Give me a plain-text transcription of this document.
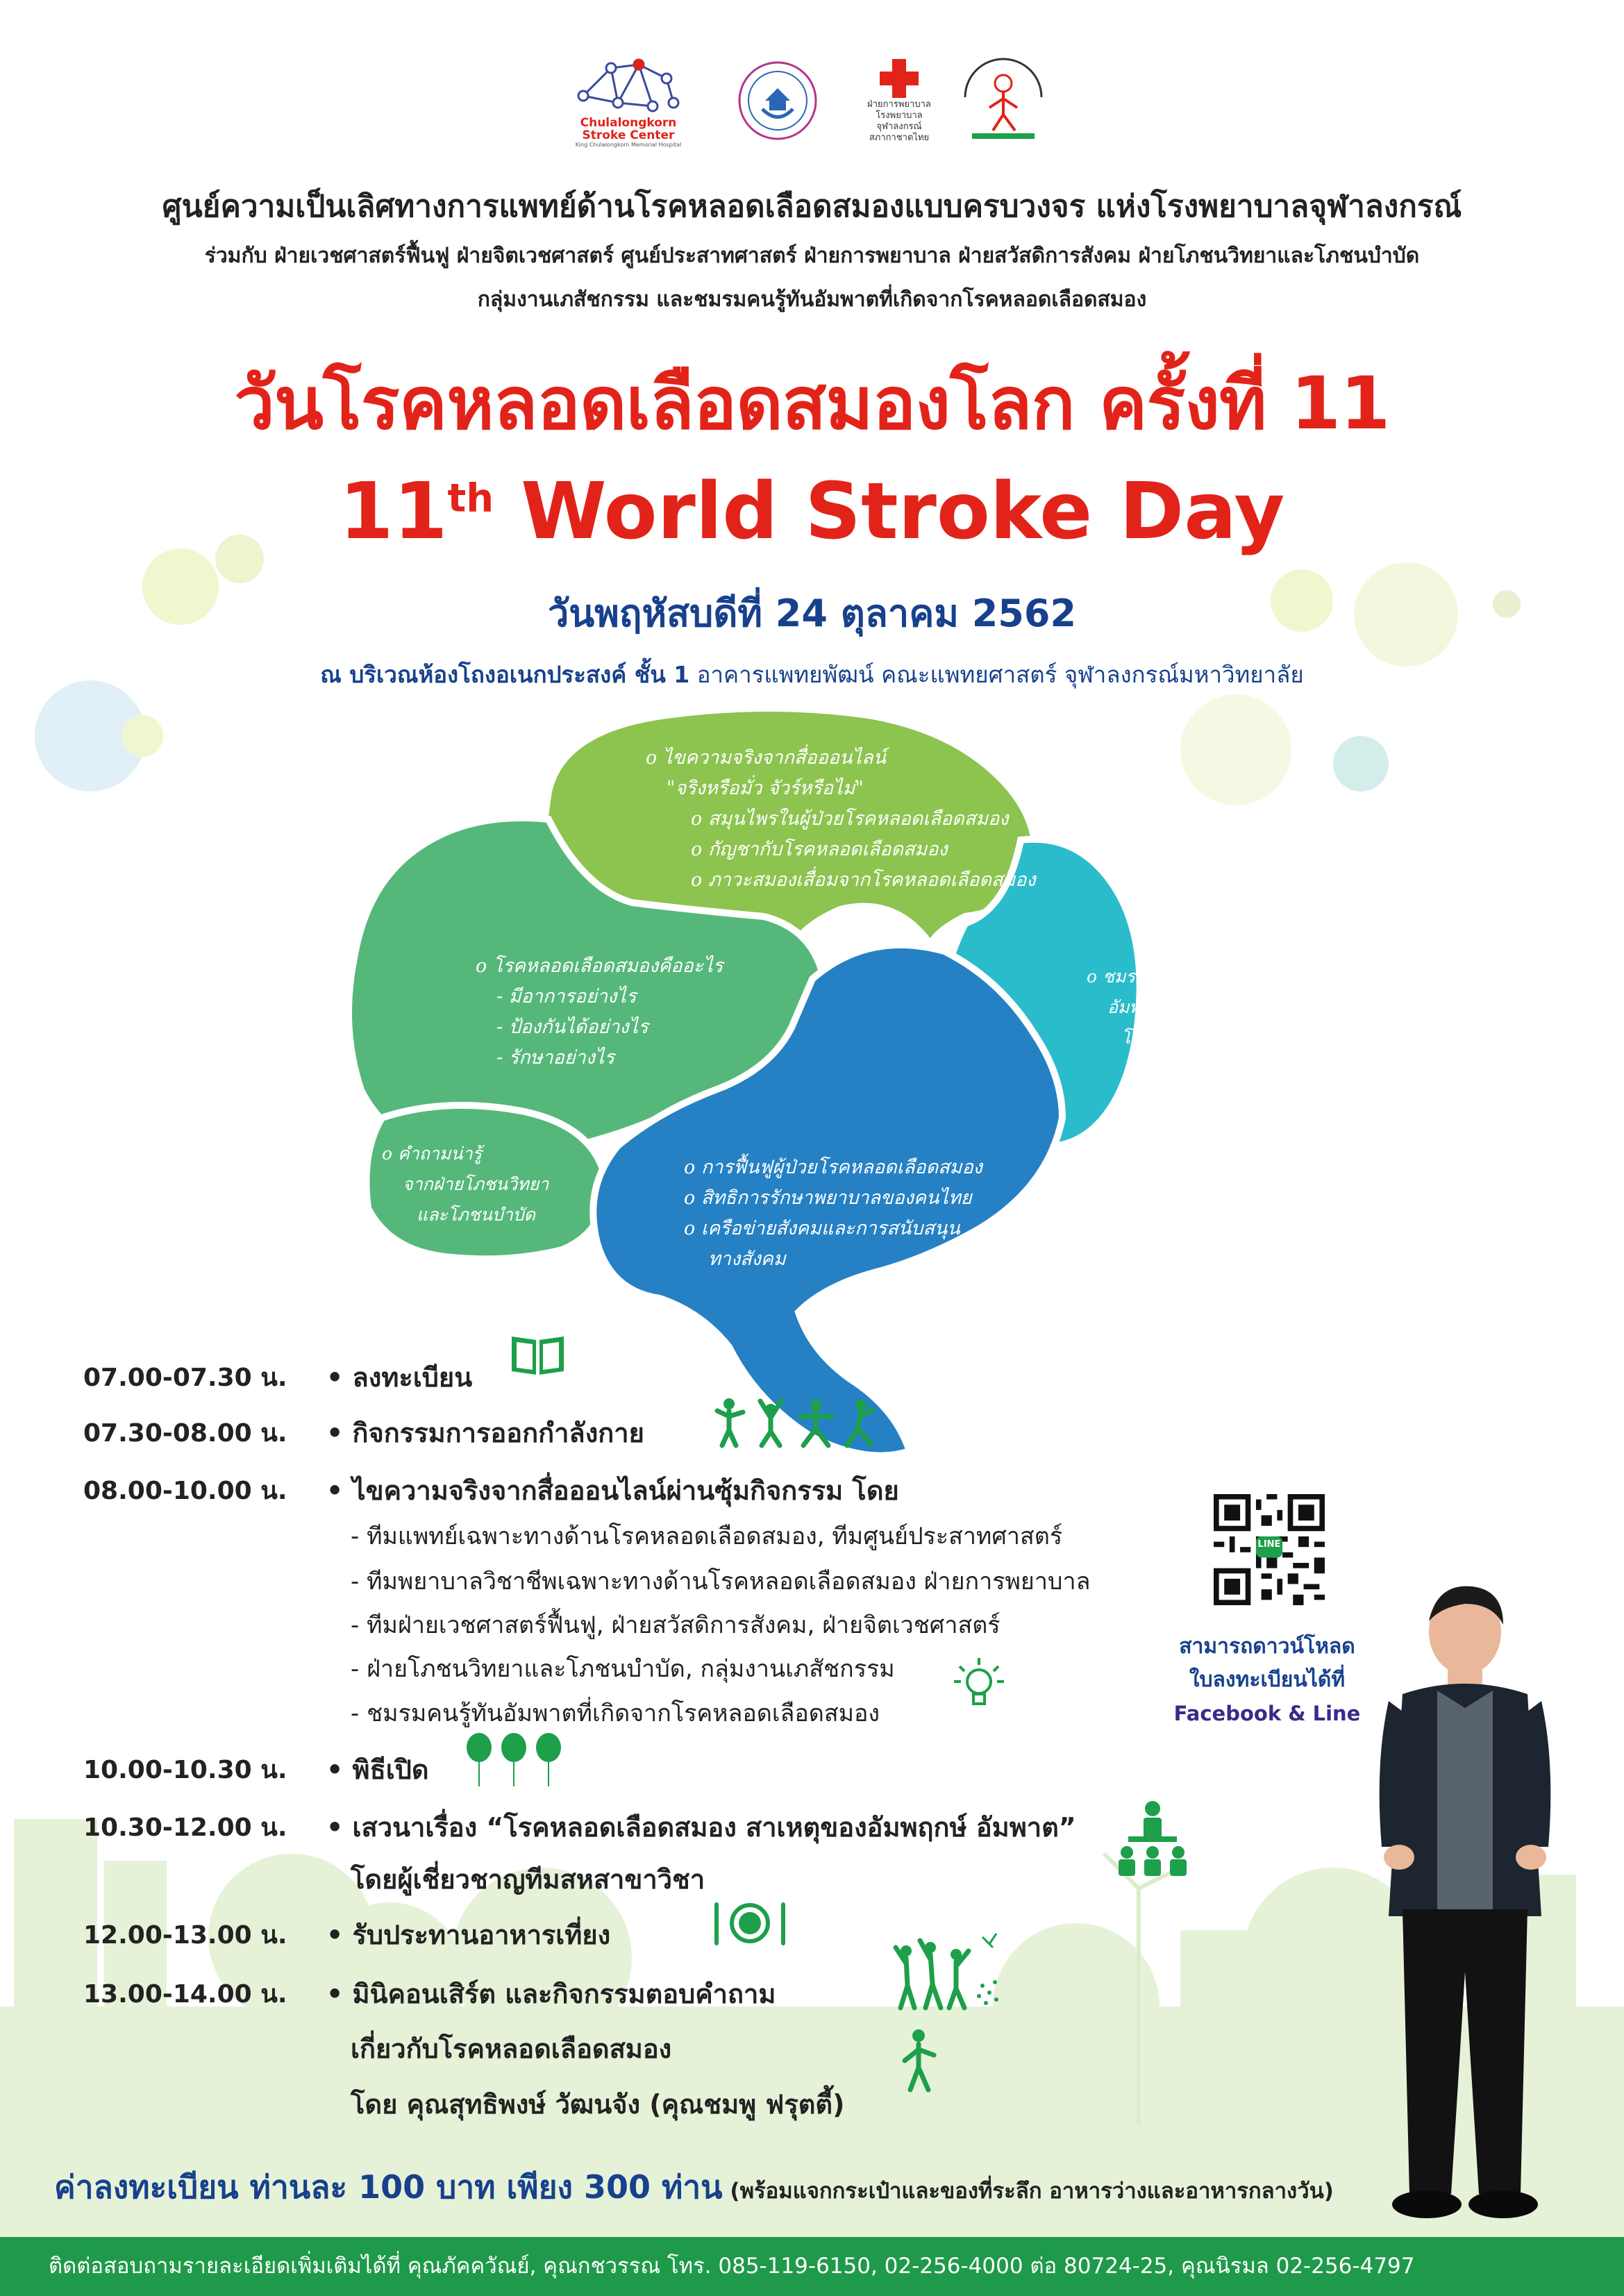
Chulalongkorn
Stroke Center
King Chulalongkorn Memorial Hospital
ฝ่ายการพยาบาล
โรงพยาบาลจุฬาลงกรณ์
สภากาชาดไทย
ศูนย์ความเป็นเลิศทางการแพทย์ด้านโรคหลอดเลือดสมองแบบครบวงจร แห่งโรงพยาบาลจุฬาลงกรณ์
ร่วมกับ ฝ่ายเวชศาสตร์ฟื้นฟู ฝ่ายจิตเวชศาสตร์ ศูนย์ประสาทศาสตร์ ฝ่ายการพยาบาล ฝ่ายสวัสดิการสังคม ฝ่ายโภชนวิทยาและโภชนบำบัด
กลุ่มงานเภสัชกรรม และชมรมคนรู้ทันอัมพาตที่เกิดจากโรคหลอดเลือดสมอง
วันโรคหลอดเลือดสมองโลก ครั้งที่ 11
11th World Stroke Day
วันพฤหัสบดีที่ 24 ตุลาคม 2562
ณ บริเวณห้องโถงอเนกประสงค์ ชั้น 1 อาคารแพทยพัฒน์ คณะแพทยศาสตร์ จุฬาลงกรณ์มหาวิทยาลัย
o ไขความจริงจากสื่อออนไลน์
"จริงหรือมั่ว จัวร์หรือไม่"
o สมุนไพรในผู้ป่วยโรคหลอดเลือดสมอง
o กัญชากับโรคหลอดเลือดสมอง
o ภาวะสมองเสื่อมจากโรคหลอดเลือดสมอง
o โรคหลอดเลือดสมองคืออะไร
- มีอาการอย่างไร
- ป้องกันได้อย่างไร
- รักษาอย่างไร
o ชมรมคนรู้ทัน
อัมพาตที่เกิดจาก
โรคหลอดเลือด
สมอง
o คำถามน่ารู้
จากฝ่ายโภชนวิทยา
และโภชนบำบัด
o การฟื้นฟูผู้ป่วยโรคหลอดเลือดสมอง
o สิทธิการรักษาพยาบาลของคนไทย
o เครือข่ายสังคมและการสนับสนุน
ทางสังคม
07.00-07.30 น. • ลงทะเบียน
07.30-08.00 น. • กิจกรรมการออกกำลังกาย
08.00-10.00 น. • ไขความจริงจากสื่อออนไลน์ผ่านซุ้มกิจกรรม โดย
- ทีมแพทย์เฉพาะทางด้านโรคหลอดเลือดสมอง, ทีมศูนย์ประสาทศาสตร์
- ทีมพยาบาลวิชาชีพเฉพาะทางด้านโรคหลอดเลือดสมอง ฝ่ายการพยาบาล
- ทีมฝ่ายเวชศาสตร์ฟื้นฟู, ฝ่ายสวัสดิการสังคม, ฝ่ายจิตเวชศาสตร์
- ฝ่ายโภชนวิทยาและโภชนบำบัด, กลุ่มงานเภสัชกรรม
- ชมรมคนรู้ทันอัมพาตที่เกิดจากโรคหลอดเลือดสมอง
10.00-10.30 น. • พิธีเปิด
10.30-12.00 น. • เสวนาเรื่อง “โรคหลอดเลือดสมอง สาเหตุของอัมพฤกษ์ อัมพาต”
โดยผู้เชี่ยวชาญทีมสหสาขาวิชา
12.00-13.00 น. • รับประทานอาหารเที่ยง
13.00-14.00 น. • มินิคอนเสิร์ต และกิจกรรมตอบคำถาม
เกี่ยวกับโรคหลอดเลือดสมอง
โดย คุณสุทธิพงษ์ วัฒนจัง (คุณชมพู ฟรุตตี้)
LINE
สามารถดาวน์โหลด
ใบลงทะเบียนได้ที่
Facebook & Line
ค่าลงทะเบียน ท่านละ 100 บาท เพียง 300 ท่าน (พร้อมแจกกระเป๋าและของที่ระลึก อาหารว่างและอาหารกลางวัน)
ติดต่อสอบถามรายละเอียดเพิ่มเติมได้ที่ คุณภัคควัณย์, คุณกชวรรณ โทร. 085-119-6150, 02-256-4000 ต่อ 80724-25, คุณนิรมล 02-256-4797
